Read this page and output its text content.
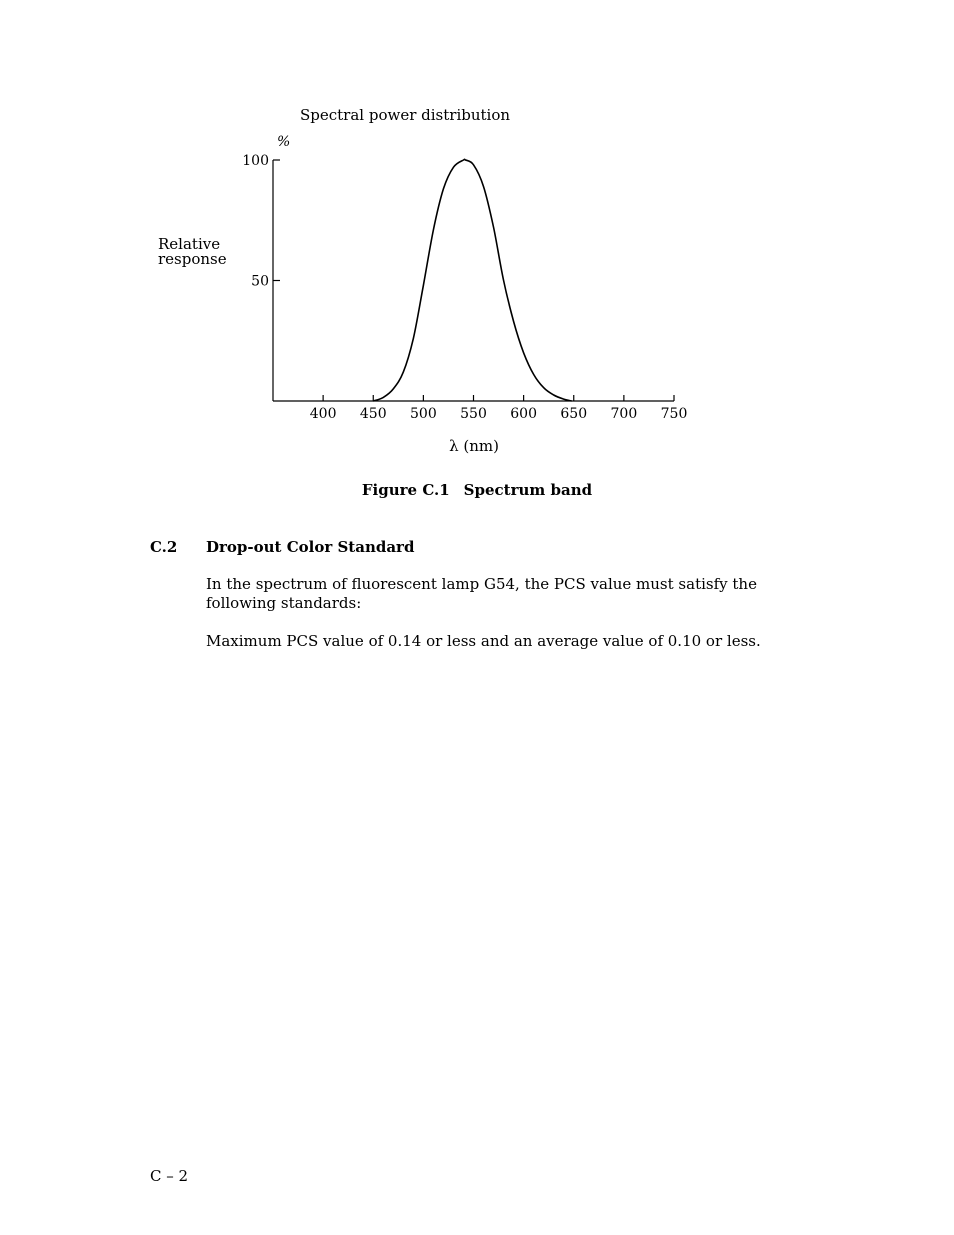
Spectral power distribution
%
Relative
response
50
100
400 450 500 550 600 650 700 750
λ (nm)
Figure C.1 Spectrum band
C.2 Drop-out Color Standard
In the spectrum of fluorescent lamp G54, the PCS value must satisfy the following standards:
Maximum PCS value of 0.14 or less and an average value of 0.10 or less.
C – 2
